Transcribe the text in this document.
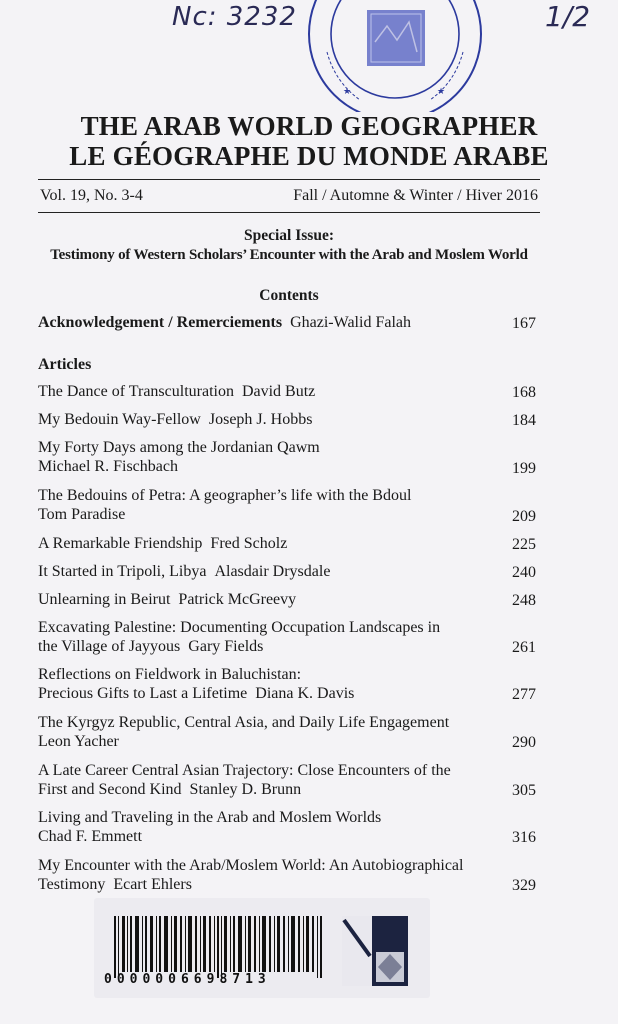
Nc: 3232	1/2
★	★
THE ARAB WORLD GEOGRAPHER
LE GÉOGRAPHE DU MONDE ARABE
Vol. 19, No. 3-4	Fall / Automne & Winter / Hiver 2016
Special Issue:
Testimony of Western Scholars’ Encounter with the Arab and Moslem World
Contents
Acknowledgement / Remerciements Ghazi-Walid Falah	167
Articles
The Dance of Transculturation David Butz	168
My Bedouin Way-Fellow Joseph J. Hobbs	184
My Forty Days among the Jordanian Qawm
Michael R. Fischbach	199
The Bedouins of Petra: A geographer’s life with the Bdoul
Tom Paradise	209
A Remarkable Friendship Fred Scholz	225
It Started in Tripoli, Libya Alasdair Drysdale	240
Unlearning in Beirut Patrick McGreevy	248
Excavating Palestine: Documenting Occupation Landscapes in
the Village of Jayyous Gary Fields	261
Reflections on Fieldwork in Baluchistan:
Precious Gifts to Last a Lifetime Diana K. Davis	277
The Kyrgyz Republic, Central Asia, and Daily Life Engagement
Leon Yacher	290
A Late Career Central Asian Trajectory: Close Encounters of the
First and Second Kind Stanley D. Brunn	305
Living and Traveling in the Arab and Moslem Worlds
Chad F. Emmett	316
My Encounter with the Arab/Moslem World: An Autobiographical
Testimony Ecart Ehlers	329
0000006698713
